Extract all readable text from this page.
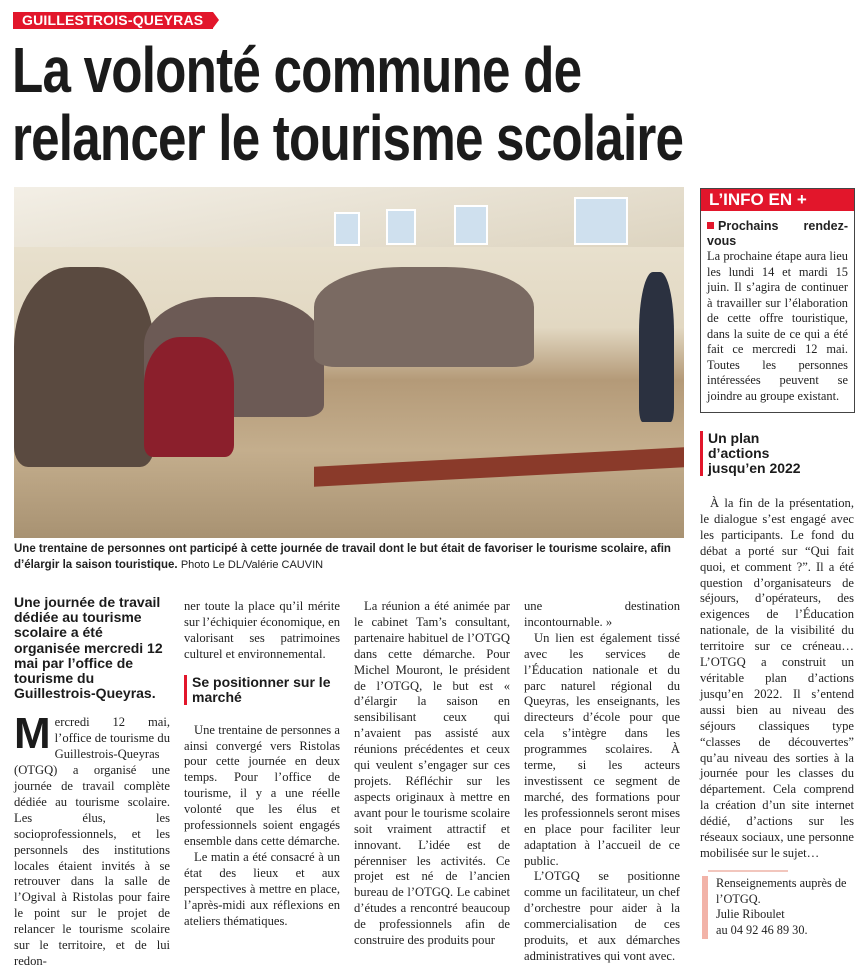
GUILLESTROIS-QUEYRAS
La volonté commune de
relancer le tourisme scolaire
Une trentaine de personnes ont participé à cette journée de travail dont le but était de favoriser le tourisme scolaire, afin d’élargir la saison touristique. Photo Le DL/Valérie CAUVIN
Une journée de travail dédiée au tourisme scolaire a été organisée mercredi 12 mai par l’office de tourisme du Guillestrois-Queyras.
M ercredi 12 mai, l’office de tourisme du Guillestrois-Queyras (OTGQ) a organisé une journée de travail complète dédiée au tourisme scolaire. Les élus, les socioprofessionnels, et les personnels des institutions locales étaient invités à se retrouver dans la salle de l’Ogival à Ristolas pour faire le point sur le projet de relancer le tourisme scolaire sur le territoire, et de lui redon-

ner toute la place qu’il mérite sur l’échiquier économique, en valorisant ses patrimoines culturel et environnemental.

Se positionner sur le marché

Une trentaine de personnes a ainsi convergé vers Ristolas pour cette journée en deux temps. Pour l’office de tourisme, il y a une réelle volonté que les élus et professionnels soient engagés ensemble dans cette démarche.

Le matin a été consacré à un état des lieux et aux perspectives à mettre en place, l’après-midi aux réflexions en ateliers thématiques.

La réunion a été animée par le cabinet Tam’s consultant, partenaire habituel de l’OTGQ dans cette démarche. Pour Michel Mouront, le président de l’OTGQ, le but est « d’élargir la saison en sensibilisant ceux qui n’avaient pas assisté aux réunions précédentes et ceux qui veulent s’engager sur ces projets. Réfléchir sur les aspects originaux à mettre en avant pour le tourisme scolaire soit vraiment attractif et innovant. L’idée est de pérenniser les activités. Ce projet est né de l’ancien bureau de l’OTGQ. Le cabinet d’études a rencontré beaucoup de professionnels afin de construire des produits pour

une destination incontournable. »

Un lien est également tissé avec les services de l’Éducation nationale et du parc naturel régional du Queyras, les enseignants, les directeurs d’école pour que cela s’intègre dans les programmes scolaires. À terme, si les acteurs investissent ce segment de marché, des formations pour les professionnels seront mises en place pour faciliter leur adaptation à l’accueil de ce public.

L’OTGQ se positionne comme un facilitateur, un chef d’orchestre pour aider à la commercialisation de ces produits, et aux démarches administratives qui vont avec.

L’INFO EN +
Prochains rendez-vous
La prochaine étape aura lieu les lundi 14 et mardi 15 juin. Il s’agira de continuer à travailler sur l’élaboration de cette offre touristique, dans la suite de ce qui a été fait ce mercredi 12 mai. Toutes les personnes intéressées peuvent se joindre au groupe existant.
Un plan d’actions jusqu’en 2022

À la fin de la présentation, le dialogue s’est engagé avec les participants. Le fond du débat a porté sur “Qui fait quoi, et comment ?”. Il a été question d’organisateurs de séjours, d’opérateurs, des exigences de l’Éducation nationale, de la visibilité du territoire sur ce créneau… L’OTGQ a construit un véritable plan d’actions jusqu’en 2022. Il s’entend aussi bien au niveau des séjours classiques type “classes de découvertes” qu’au niveau des sorties à la journée pour les classes du département. Cela comprend la création d’un site internet dédié, d’actions sur les réseaux sociaux, une personne mobilisée sur le sujet…

Renseignements auprès de l’OTGQ.
Julie Riboulet
au 04 92 46 89 30.
